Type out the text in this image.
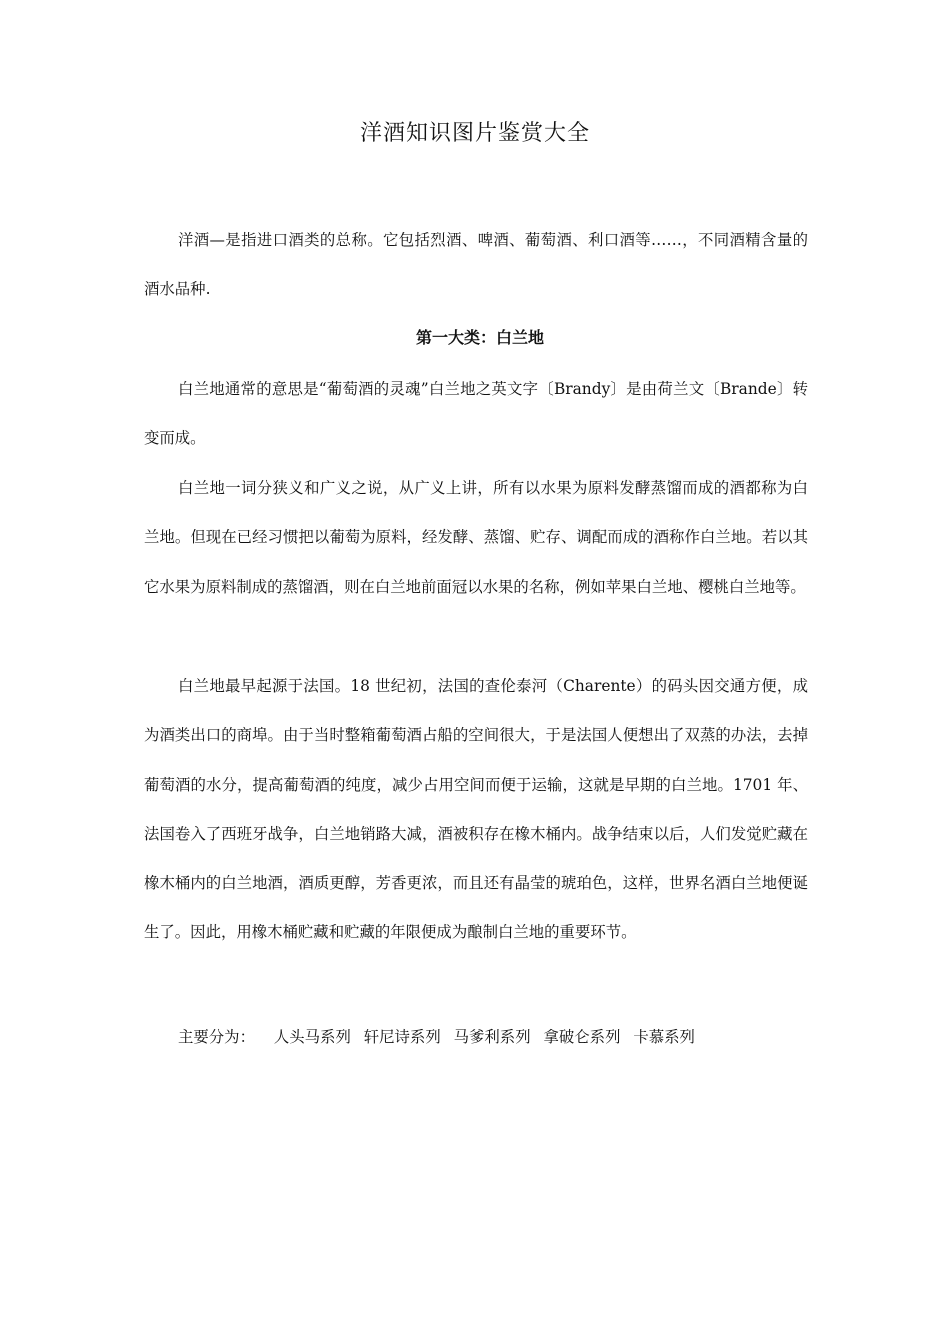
洋酒知识图片鉴赏大全

洋酒—是指进口酒类的总称。它包括烈酒、啤酒、葡萄酒、利口酒等……，不同酒精含量的酒水品种.

第一大类：白兰地

白兰地通常的意思是“葡萄酒的灵魂”白兰地之英文字〔Brandy〕是由荷兰文〔Brande〕转变而成。

白兰地一词分狭义和广义之说，从广义上讲，所有以水果为原料发酵蒸馏而成的酒都称为白兰地。但现在已经习惯把以葡萄为原料，经发酵、蒸馏、贮存、调配而成的酒称作白兰地。若以其它水果为原料制成的蒸馏酒，则在白兰地前面冠以水果的名称，例如苹果白兰地、樱桃白兰地等。

白兰地最早起源于法国。18 世纪初，法国的查伦泰河（Charente）的码头因交通方便，成为酒类出口的商埠。由于当时整箱葡萄酒占船的空间很大，于是法国人便想出了双蒸的办法，去掉葡萄酒的水分，提高葡萄酒的纯度，减少占用空间而便于运输，这就是早期的白兰地。1701 年、法国卷入了西班牙战争，白兰地销路大减，酒被积存在橡木桶内。战争结束以后，人们发觉贮藏在橡木桶内的白兰地酒，酒质更醇，芳香更浓，而且还有晶莹的琥珀色，这样，世界名酒白兰地便诞生了。因此，用橡木桶贮藏和贮藏的年限便成为酿制白兰地的重要环节。

主要分为： 人头马系列 轩尼诗系列 马爹利系列 拿破仑系列 卡慕系列
